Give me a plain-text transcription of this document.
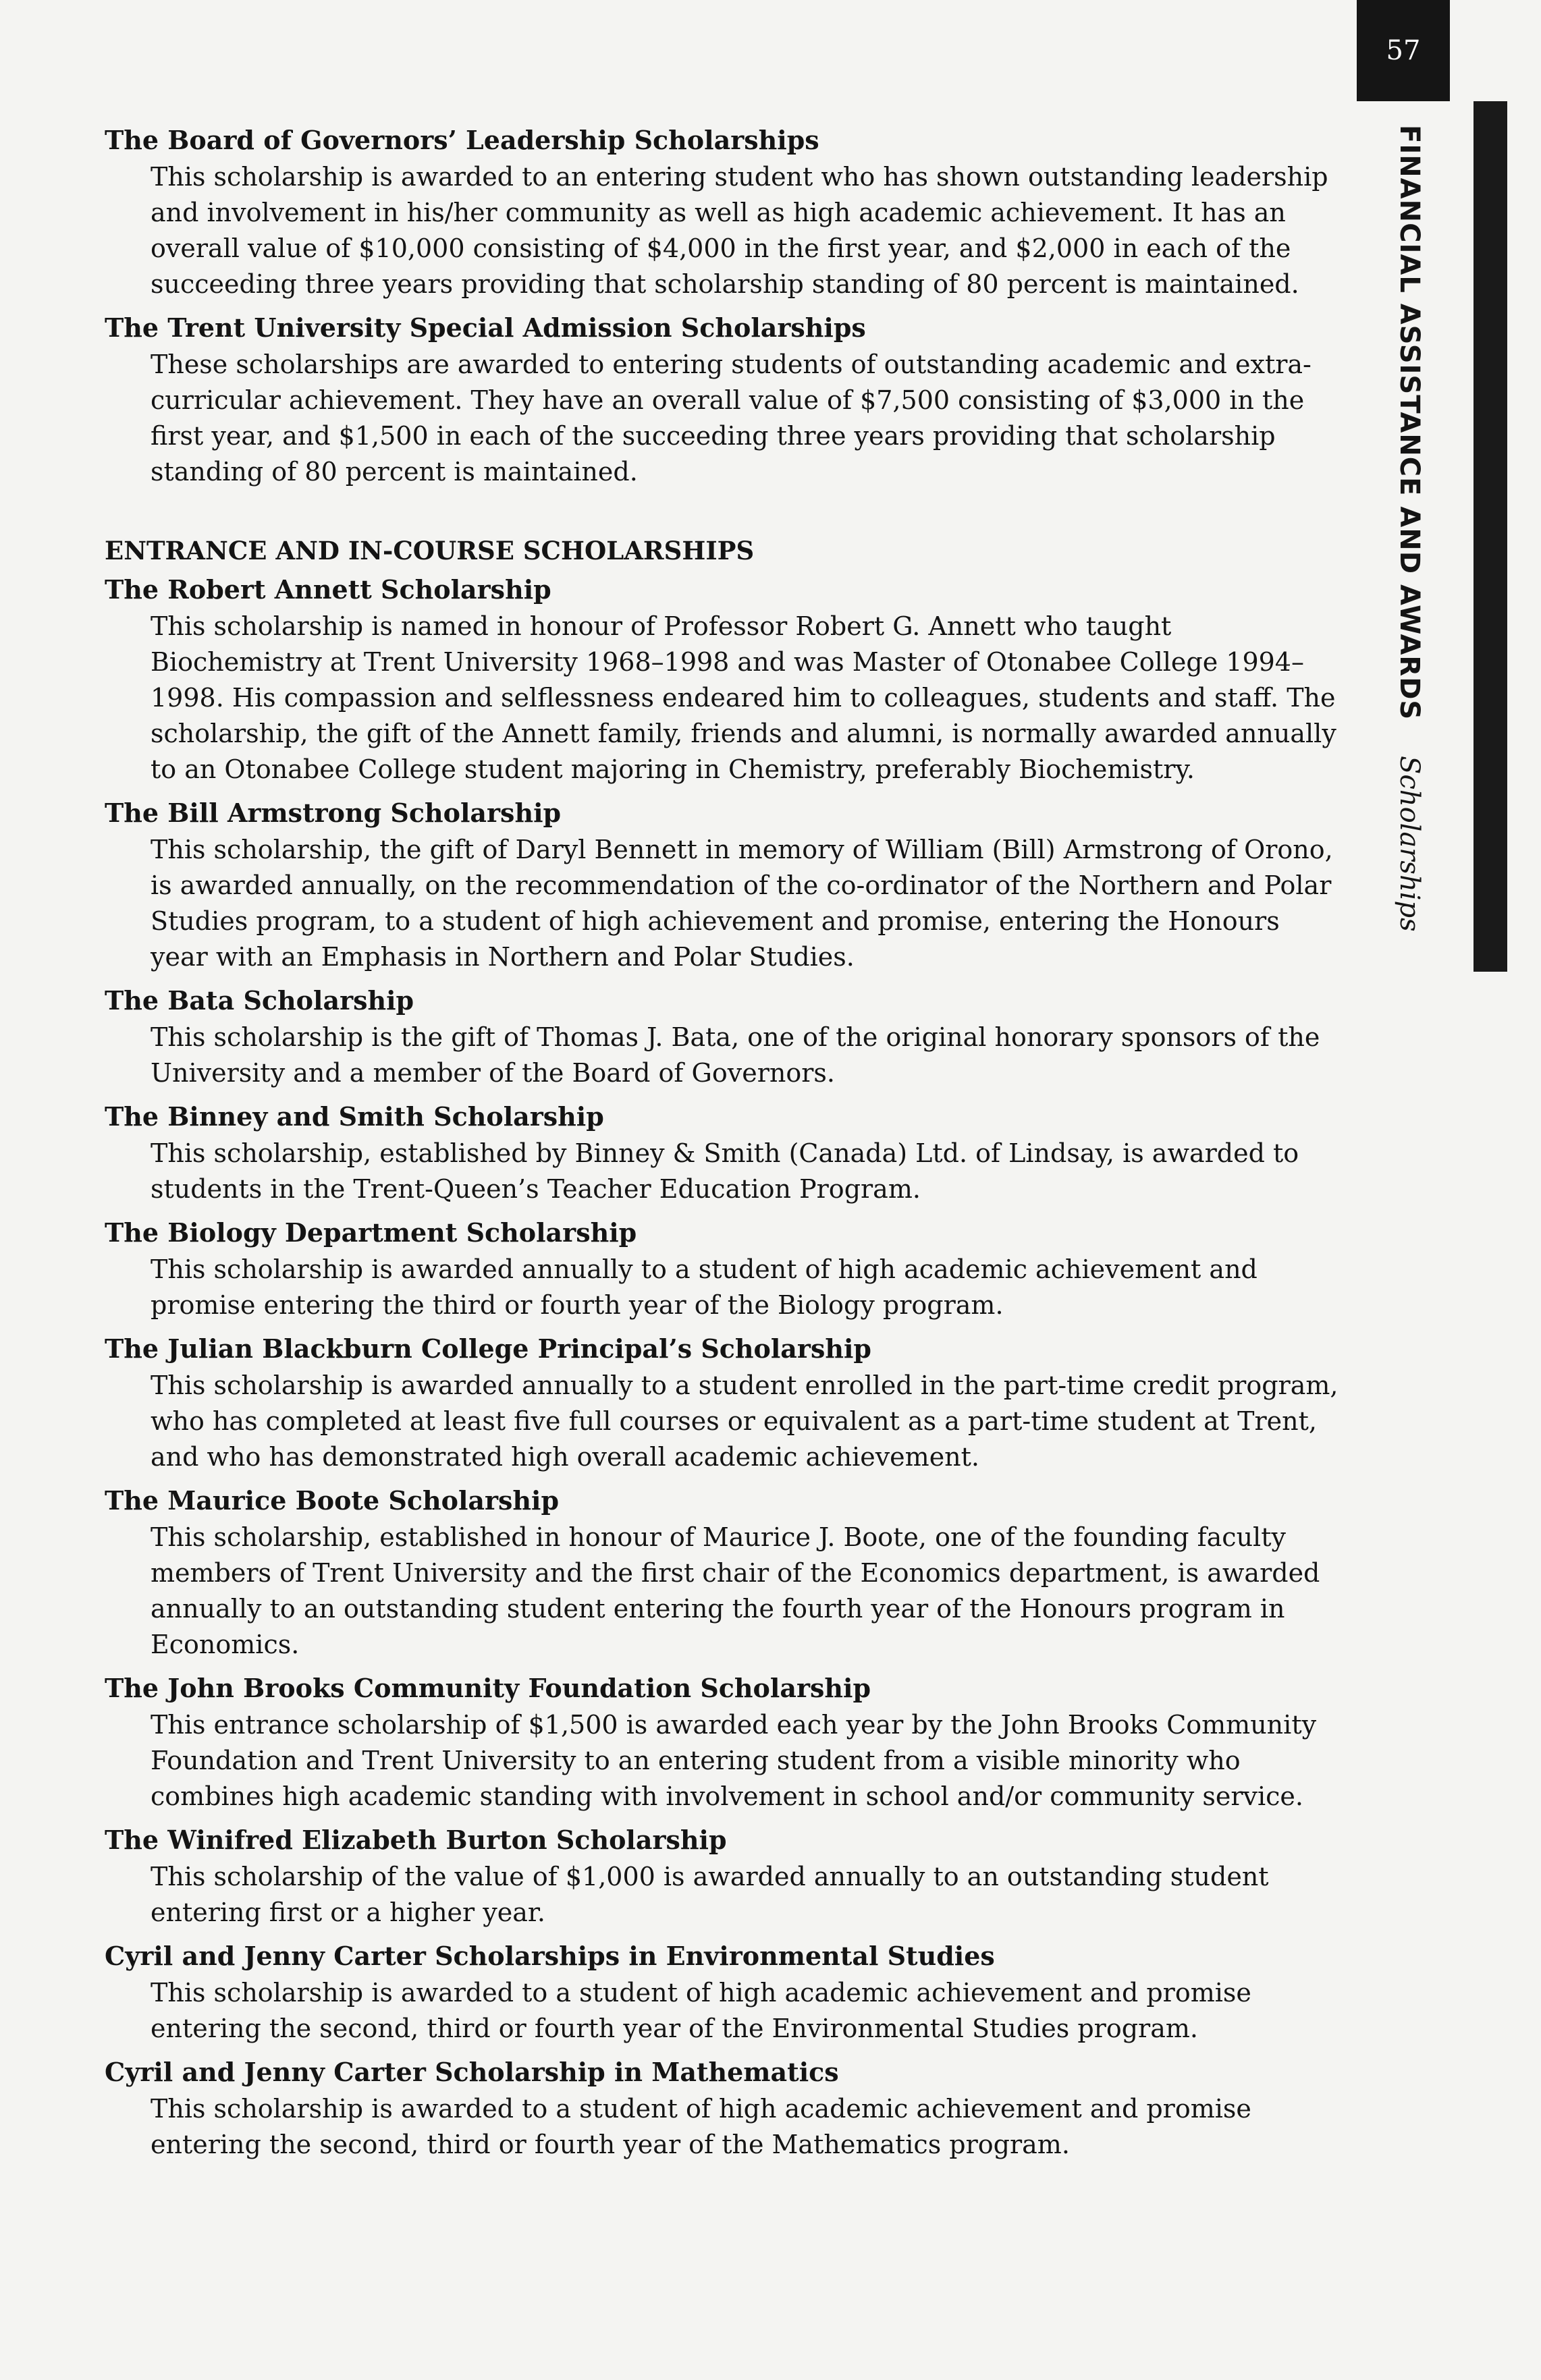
57
FINANCIAL ASSISTANCE AND AWARDS Scholarships
The Board of Governors’ Leadership Scholarships
This scholarship is awarded to an entering student who has shown outstanding leadership and involvement in his/her community as well as high academic achievement. It has an overall value of $10,000 consisting of $4,000 in the first year, and $2,000 in each of the succeeding three years providing that scholarship standing of 80 percent is maintained.
The Trent University Special Admission Scholarships
These scholarships are awarded to entering students of outstanding academic and extra-curricular achievement. They have an overall value of $7,500 consisting of $3,000 in the first year, and $1,500 in each of the succeeding three years providing that scholarship standing of 80 percent is maintained.
ENTRANCE AND IN-COURSE SCHOLARSHIPS
The Robert Annett Scholarship
This scholarship is named in honour of Professor Robert G. Annett who taught Biochemistry at Trent University 1968–1998 and was Master of Otonabee College 1994–1998. His compassion and selflessness endeared him to colleagues, students and staff. The scholarship, the gift of the Annett family, friends and alumni, is normally awarded annually to an Otonabee College student majoring in Chemistry, preferably Biochemistry.
The Bill Armstrong Scholarship
This scholarship, the gift of Daryl Bennett in memory of William (Bill) Armstrong of Orono, is awarded annually, on the recommendation of the co-ordinator of the Northern and Polar Studies program, to a student of high achievement and promise, entering the Honours year with an Emphasis in Northern and Polar Studies.
The Bata Scholarship
This scholarship is the gift of Thomas J. Bata, one of the original honorary sponsors of the University and a member of the Board of Governors.
The Binney and Smith Scholarship
This scholarship, established by Binney & Smith (Canada) Ltd. of Lindsay, is awarded to students in the Trent-Queen’s Teacher Education Program.
The Biology Department Scholarship
This scholarship is awarded annually to a student of high academic achievement and promise entering the third or fourth year of the Biology program.
The Julian Blackburn College Principal’s Scholarship
This scholarship is awarded annually to a student enrolled in the part-time credit program, who has completed at least five full courses or equivalent as a part-time student at Trent, and who has demonstrated high overall academic achievement.
The Maurice Boote Scholarship
This scholarship, established in honour of Maurice J. Boote, one of the founding faculty members of Trent University and the first chair of the Economics department, is awarded annually to an outstanding student entering the fourth year of the Honours program in Economics.
The John Brooks Community Foundation Scholarship
This entrance scholarship of $1,500 is awarded each year by the John Brooks Community Foundation and Trent University to an entering student from a visible minority who combines high academic standing with involvement in school and/or community service.
The Winifred Elizabeth Burton Scholarship
This scholarship of the value of $1,000 is awarded annually to an outstanding student entering first or a higher year.
Cyril and Jenny Carter Scholarships in Environmental Studies
This scholarship is awarded to a student of high academic achievement and promise entering the second, third or fourth year of the Environmental Studies program.
Cyril and Jenny Carter Scholarship in Mathematics
This scholarship is awarded to a student of high academic achievement and promise entering the second, third or fourth year of the Mathematics program.
